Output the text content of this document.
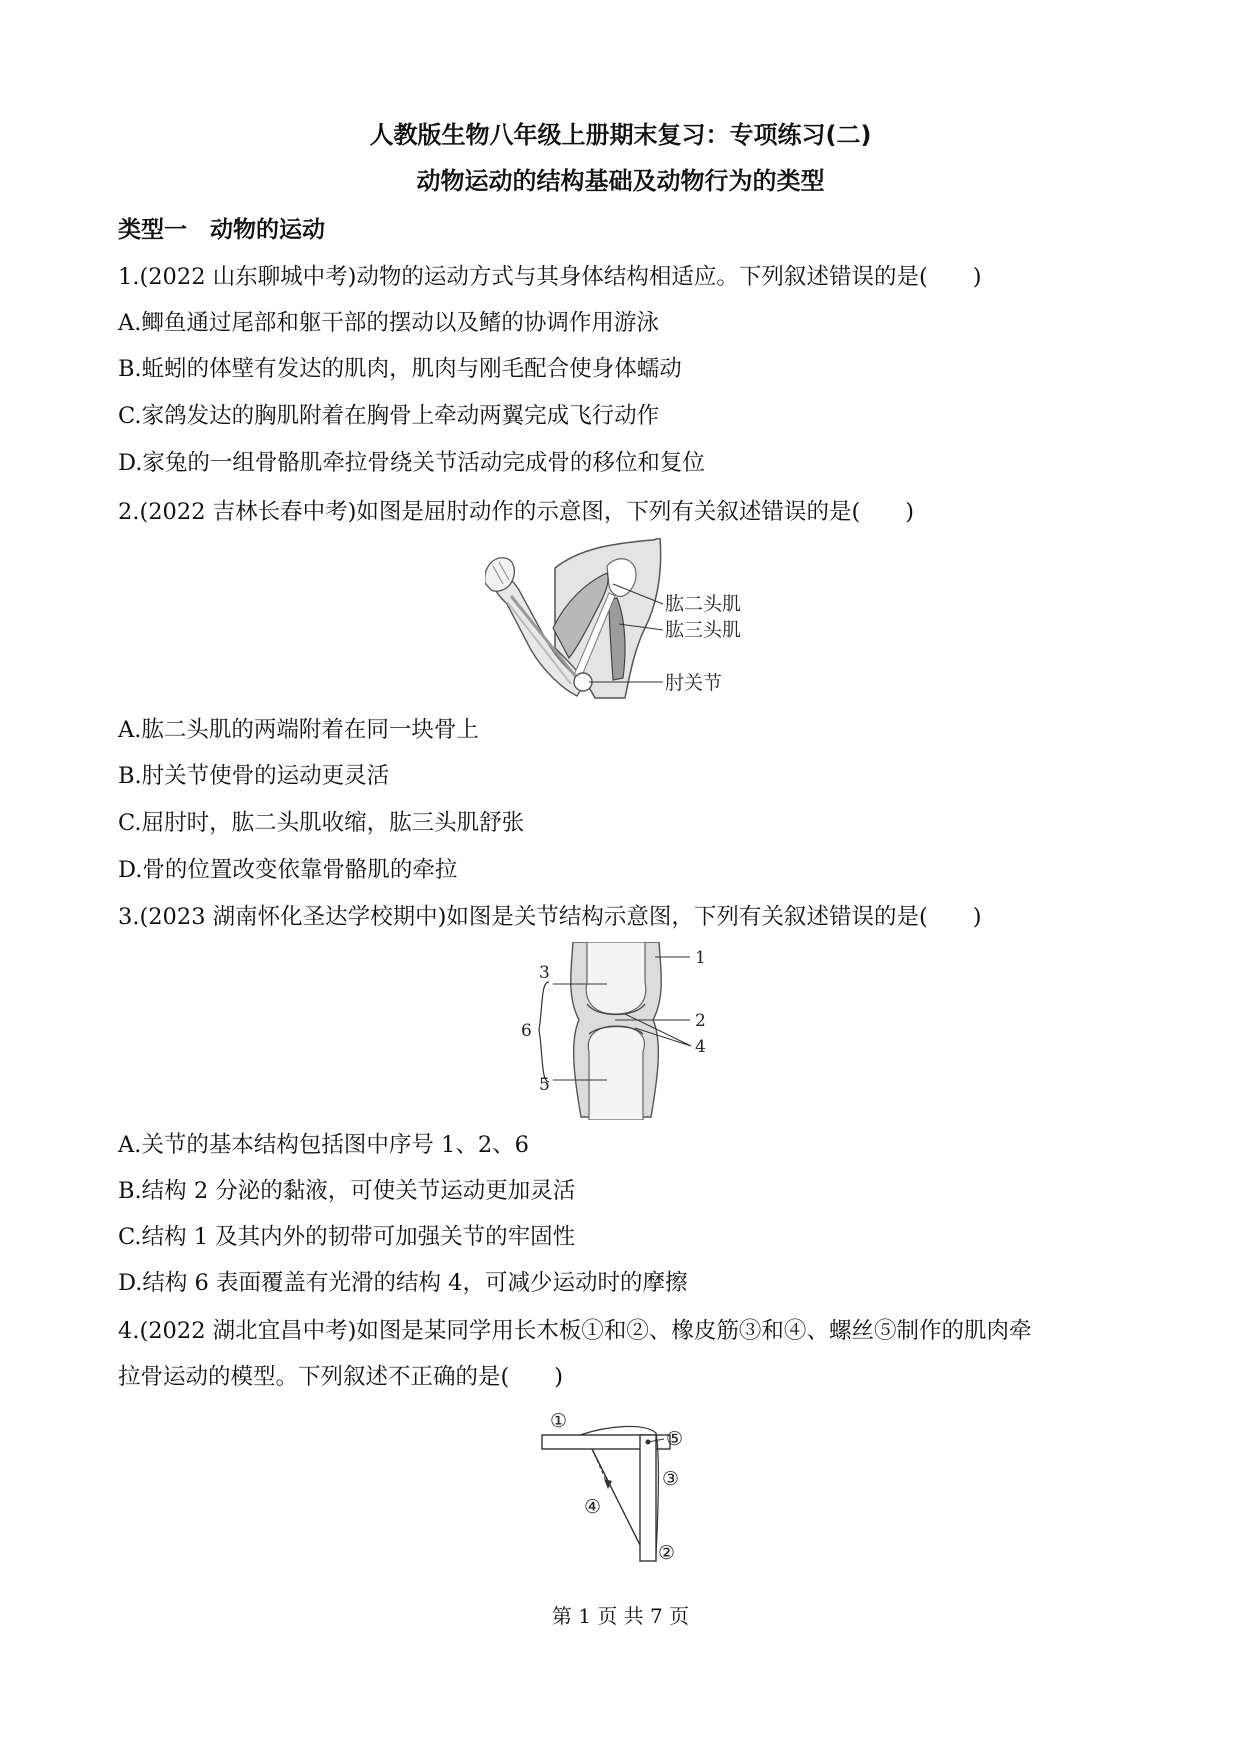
人教版生物八年级上册期末复习：专项练习(二)
动物运动的结构基础及动物行为的类型
类型一　动物的运动
1.(2022 山东聊城中考)动物的运动方式与其身体结构相适应。下列叙述错误的是(　　)
A.鲫鱼通过尾部和躯干部的摆动以及鳍的协调作用游泳
B.蚯蚓的体壁有发达的肌肉，肌肉与刚毛配合使身体蠕动
C.家鸽发达的胸肌附着在胸骨上牵动两翼完成飞行动作
D.家兔的一组骨骼肌牵拉骨绕关节活动完成骨的移位和复位
2.(2022 吉林长春中考)如图是屈肘动作的示意图，下列有关叙述错误的是(　　)
肱二头肌
肱三头肌
肘关节
A.肱二头肌的两端附着在同一块骨上
B.肘关节使骨的运动更灵活
C.屈肘时，肱二头肌收缩，肱三头肌舒张
D.骨的位置改变依靠骨骼肌的牵拉
3.(2023 湖南怀化圣达学校期中)如图是关节结构示意图，下列有关叙述错误的是(　　)
1
2
3
4
5
6
A.关节的基本结构包括图中序号 1、2、6
B.结构 2 分泌的黏液，可使关节运动更加灵活
C.结构 1 及其内外的韧带可加强关节的牢固性
D.结构 6 表面覆盖有光滑的结构 4，可减少运动时的摩擦
4.(2022 湖北宜昌中考)如图是某同学用长木板①和②、橡皮筋③和④、螺丝⑤制作的肌肉牵
拉骨运动的模型。下列叙述不正确的是(　　)
①
②
③
④
⑤
第 1 页 共 7 页
